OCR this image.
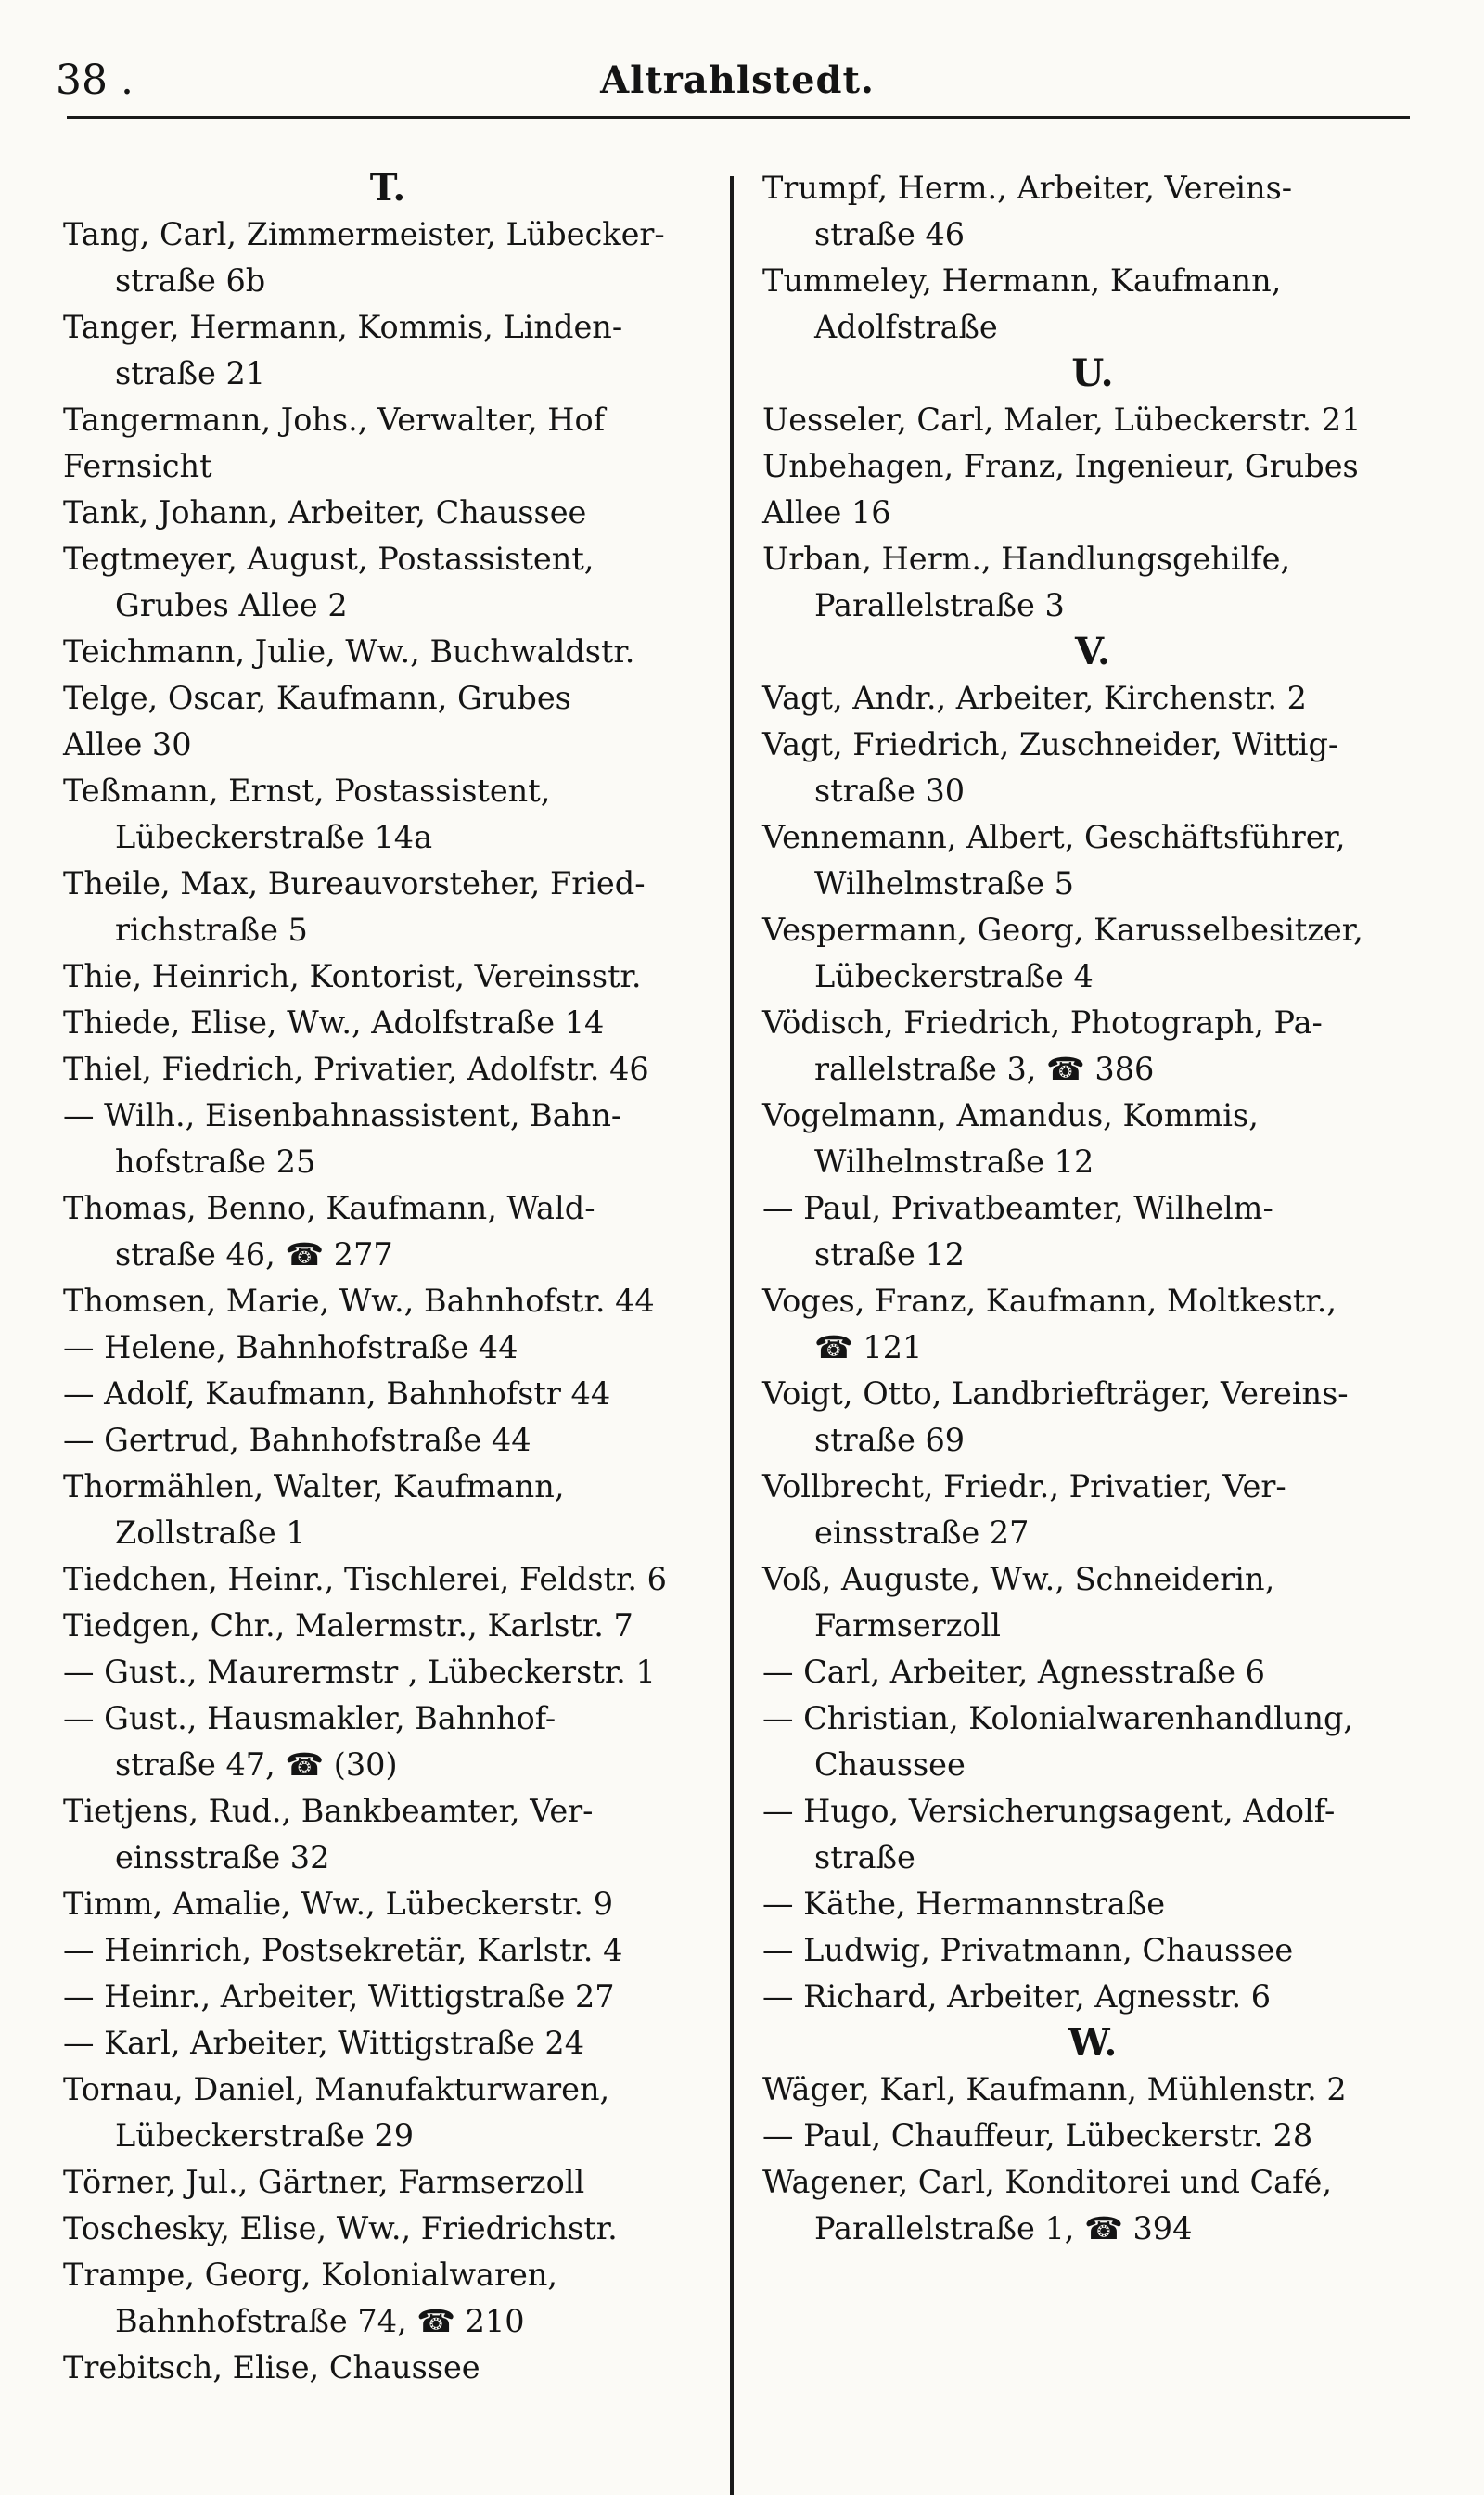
38 .	Altrahlstedt.
T.
Tang, Carl, Zimmermeister, Lübecker-
straße 6b
Tanger, Hermann, Kommis, Linden-
straße 21
Tangermann, Johs., Verwalter, Hof
Fernsicht
Tank, Johann, Arbeiter, Chaussee
Tegtmeyer, August, Postassistent,
Grubes Allee 2
Teichmann, Julie, Ww., Buchwaldstr.
Telge, Oscar, Kaufmann, Grubes
Allee 30
Teßmann, Ernst, Postassistent,
Lübeckerstraße 14a
Theile, Max, Bureauvorsteher, Fried-
richstraße 5
Thie, Heinrich, Kontorist, Vereinsstr.
Thiede, Elise, Ww., Adolfstraße 14
Thiel, Fiedrich, Privatier, Adolfstr. 46
— Wilh., Eisenbahnassistent, Bahn-
hofstraße 25
Thomas, Benno, Kaufmann, Wald-
straße 46, ☎ 277
Thomsen, Marie, Ww., Bahnhofstr. 44
— Helene, Bahnhofstraße 44
— Adolf, Kaufmann, Bahnhofstr 44
— Gertrud, Bahnhofstraße 44
Thormählen, Walter, Kaufmann,
Zollstraße 1
Tiedchen, Heinr., Tischlerei, Feldstr. 6
Tiedgen, Chr., Malermstr., Karlstr. 7
— Gust., Maurermstr , Lübeckerstr. 1
— Gust., Hausmakler, Bahnhof-
straße 47, ☎ (30)
Tietjens, Rud., Bankbeamter, Ver-
einsstraße 32
Timm, Amalie, Ww., Lübeckerstr. 9
— Heinrich, Postsekretär, Karlstr. 4
— Heinr., Arbeiter, Wittigstraße 27
— Karl, Arbeiter, Wittigstraße 24
Tornau, Daniel, Manufakturwaren,
Lübeckerstraße 29
Törner, Jul., Gärtner, Farmserzoll
Toschesky, Elise, Ww., Friedrichstr.
Trampe, Georg, Kolonialwaren,
Bahnhofstraße 74, ☎ 210
Trebitsch, Elise, Chaussee
Trumpf, Herm., Arbeiter, Vereins-
straße 46
Tummeley, Hermann, Kaufmann,
Adolfstraße
U.
Uesseler, Carl, Maler, Lübeckerstr. 21
Unbehagen, Franz, Ingenieur, Grubes
Allee 16
Urban, Herm., Handlungsgehilfe,
Parallelstraße 3
V.
Vagt, Andr., Arbeiter, Kirchenstr. 2
Vagt, Friedrich, Zuschneider, Wittig-
straße 30
Vennemann, Albert, Geschäftsführer,
Wilhelmstraße 5
Vespermann, Georg, Karusselbesitzer,
Lübeckerstraße 4
Vödisch, Friedrich, Photograph, Pa-
rallelstraße 3, ☎ 386
Vogelmann, Amandus, Kommis,
Wilhelmstraße 12
— Paul, Privatbeamter, Wilhelm-
straße 12
Voges, Franz, Kaufmann, Moltkestr.,
☎ 121
Voigt, Otto, Landbriefträger, Vereins-
straße 69
Vollbrecht, Friedr., Privatier, Ver-
einsstraße 27
Voß, Auguste, Ww., Schneiderin,
Farmserzoll
— Carl, Arbeiter, Agnesstraße 6
— Christian, Kolonialwarenhandlung,
Chaussee
— Hugo, Versicherungsagent, Adolf-
straße
— Käthe, Hermannstraße
— Ludwig, Privatmann, Chaussee
— Richard, Arbeiter, Agnesstr. 6
W.
Wäger, Karl, Kaufmann, Mühlenstr. 2
— Paul, Chauffeur, Lübeckerstr. 28
Wagener, Carl, Konditorei und Café,
Parallelstraße 1, ☎ 394
